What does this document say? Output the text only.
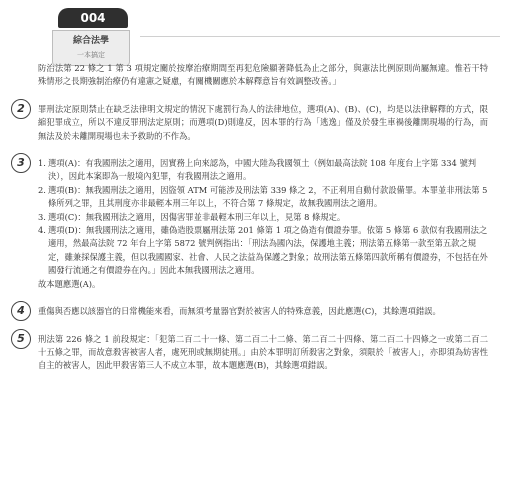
004
綜合法學
一本搞定

防治法第 22 條之 1 第 3 項規定關於按摩治療期間至再犯危險顯著降低為止之部分，與憲法比例原則尚屬無違。惟若干特殊情形之長期強制治療仍有違憲之疑慮，有關機關應於本解釋意旨有效調整改善。」

2	罪刑法定原則禁止在缺乏法律明文規定的情況下處罰行為人的法律地位，選項(A)、(B)、(C)，均是以法律解釋的方式，限縮犯罪成立，所以不違反罪刑法定原則；而選項(D)則違反，因本罪的行為「逃逸」僅及於發生車禍後離開現場的行為，而無法及於未離開現場也未予救助的不作為。

3	1. 選項(A)：有我國刑法之適用，因實務上向來認為，中國大陸為我國領土（例如最高法院 108 年度台上字第 334 號判決），因此本案即為一般境內犯罪，有我國刑法之適用。
2. 選項(B)：無我國刑法之適用，因盜領 ATM 可能涉及刑法第 339 條之 2，不正利用自動付款設備罪。本罪並非刑法第 5 條所列之罪，且其刑度亦非最輕本刑三年以上，不符合第 7 條規定，故無我國刑法之適用。
3. 選項(C)：無我國刑法之適用，因傷害罪並非最輕本刑三年以上，見第 8 條規定。
4. 選項(D)：無我國刑法之適用，雖偽造股票屬刑法第 201 條第 1 項之偽造有價證券罪。依第 5 條第 6 款似有我國刑法之適用，然最高法院 72 年台上字第 5872 號判例指出：「刑法為國內法，保護地主義；刑法第五條第一款至第五款之規定，雖兼採保護主義，但以我國國家、社會、人民之法益為保護之對象；故刑法第五條第四款所稱有價證券，不包括在外國發行流通之有價證券在內。」因此本無我國刑法之適用。

故本題應選(A)。

4	重傷與否應以該器官的日常機能來看，而無須考量器官對於被害人的特殊意義，因此應選(C)，其餘選項錯誤。

5	刑法第 226 條之 1 前段規定：「犯第二百二十一條、第二百二十二條、第二百二十四條、第二百二十四條之一或第二百二十五條之罪，而故意殺害被害人者，處死刑或無期徒刑。」由於本罪明訂所殺害之對象，須限於「被害人」，亦即須為妨害性自主的被害人，因此甲殺害第三人不成立本罪，故本題應選(B)，其餘選項錯誤。
